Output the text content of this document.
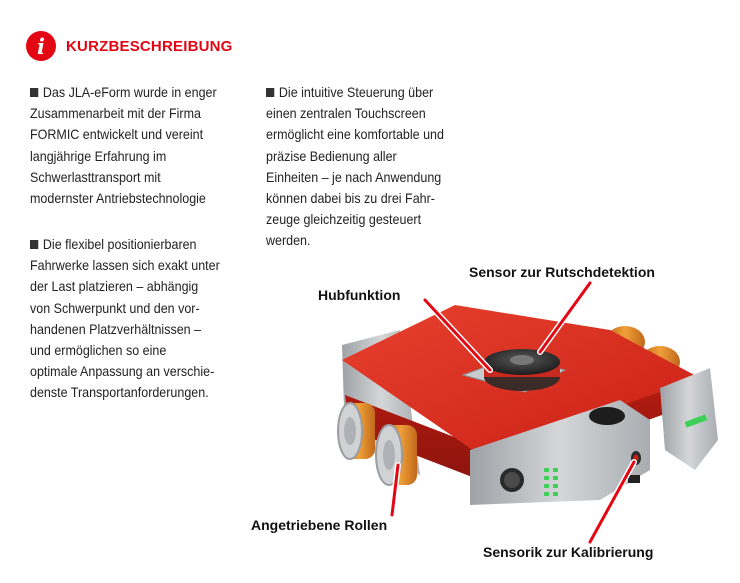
i	KURZBESCHREIBUNG
Das JLA-eForm wurde in enger
Zusammenarbeit mit der Firma
FORMIC entwickelt und vereint
langjährige Erfahrung im
Schwerlasttransport mit
modernster Antriebstechnologie
Die flexibel positionierbaren
Fahrwerke lassen sich exakt unter
der Last platzieren – abhängig
von Schwerpunkt und den vor-
handenen Platzverhältnissen –
und ermöglichen so eine
optimale Anpassung an verschie-
denste Transportanforderungen.
Die intuitive Steuerung über
einen zentralen Touchscreen
ermöglicht eine komfortable und
präzise Bedienung aller
Einheiten – je nach Anwendung
können dabei bis zu drei Fahr-
zeuge gleichzeitig gesteuert
werden.
Hubfunktion
Sensor zur Rutschdetektion
Angetriebene Rollen
Sensorik zur Kalibrierung
